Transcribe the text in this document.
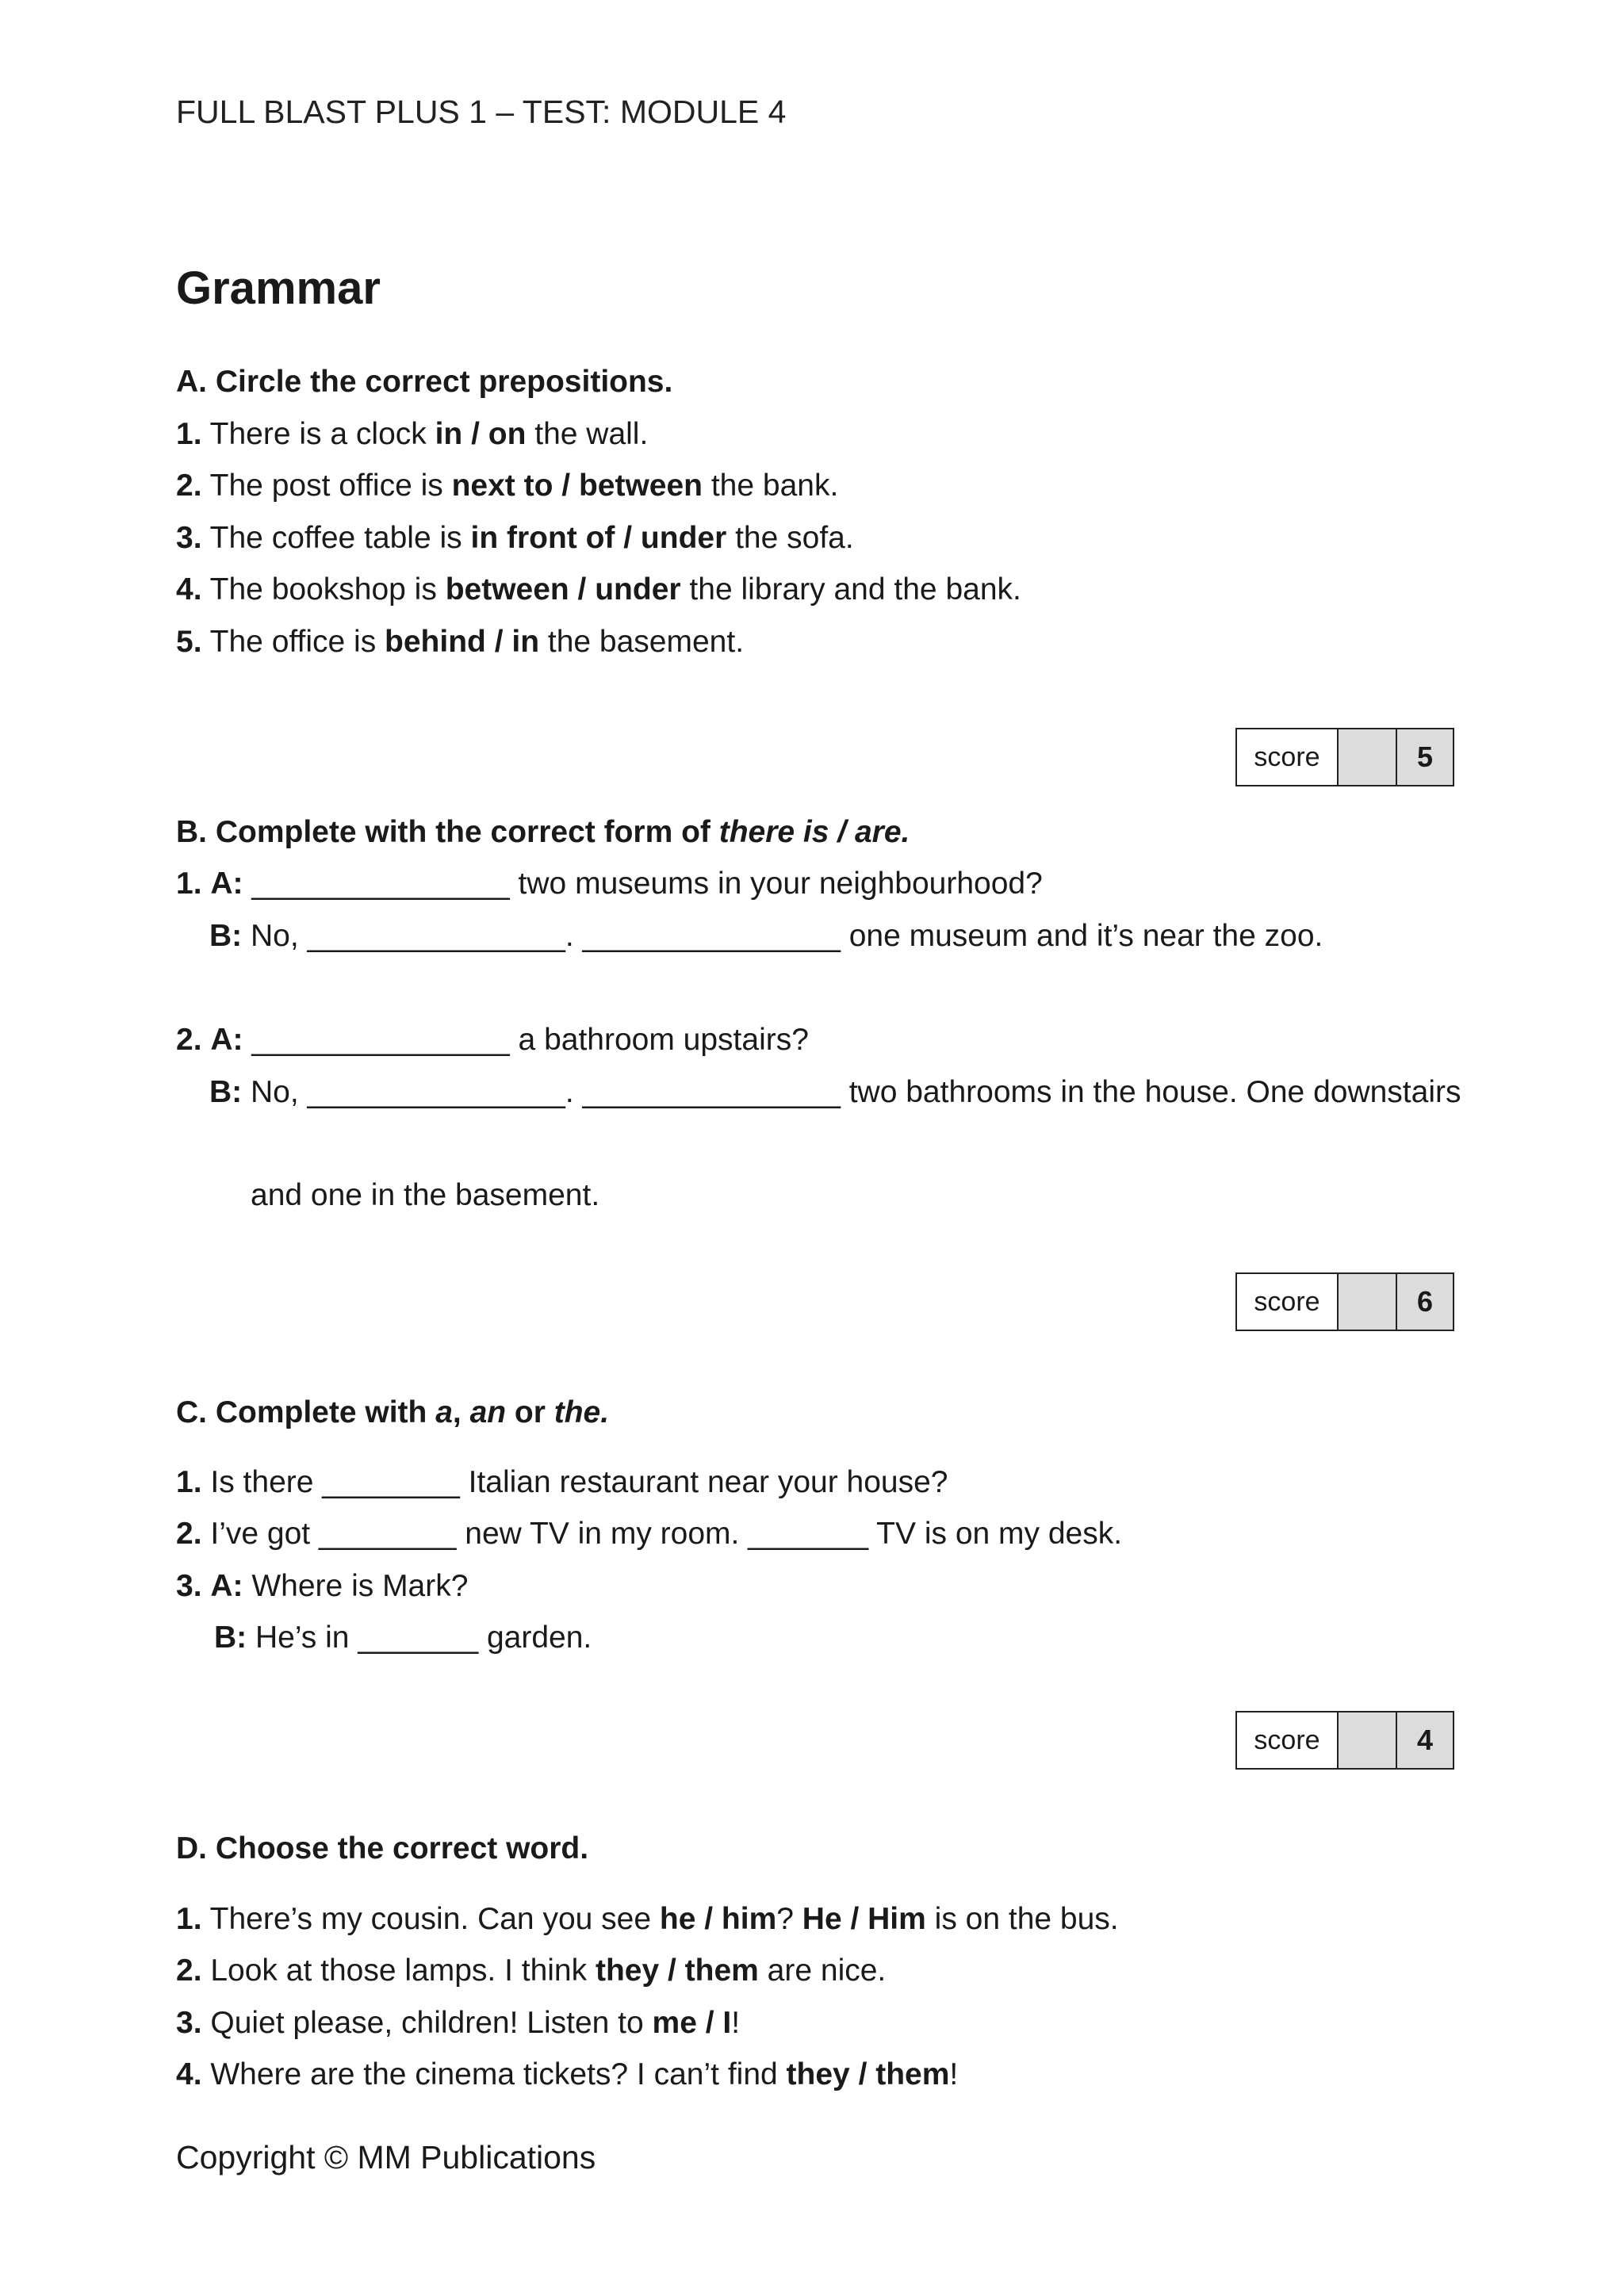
FULL BLAST PLUS 1 – TEST: MODULE 4
Grammar
A. Circle the correct prepositions.
1. There is a clock in / on the wall.
2. The post office is next to / between the bank.
3. The coffee table is in front of / under the sofa.
4. The bookshop is between / under the library and the bank.
5. The office is behind / in the basement.
score	5
B. Complete with the correct form of there is / are.
1. A: _______________ two museums in your neighbourhood?
B: No, _______________. _______________ one museum and it’s near the zoo.
2. A: _______________ a bathroom upstairs?
B: No, _______________. _______________ two bathrooms in the house. One downstairs
and one in the basement.
score	6
C. Complete with a, an or the.
1. Is there ________ Italian restaurant near your house?
2. I’ve got ________ new TV in my room. _______ TV is on my desk.
3. A: Where is Mark?
B: He’s in _______ garden.
score	4
D. Choose the correct word.
1. There’s my cousin. Can you see he / him? He / Him is on the bus.
2. Look at those lamps. I think they / them are nice.
3. Quiet please, children! Listen to me / I!
4. Where are the cinema tickets? I can’t find they / them!
Copyright © MM Publications
